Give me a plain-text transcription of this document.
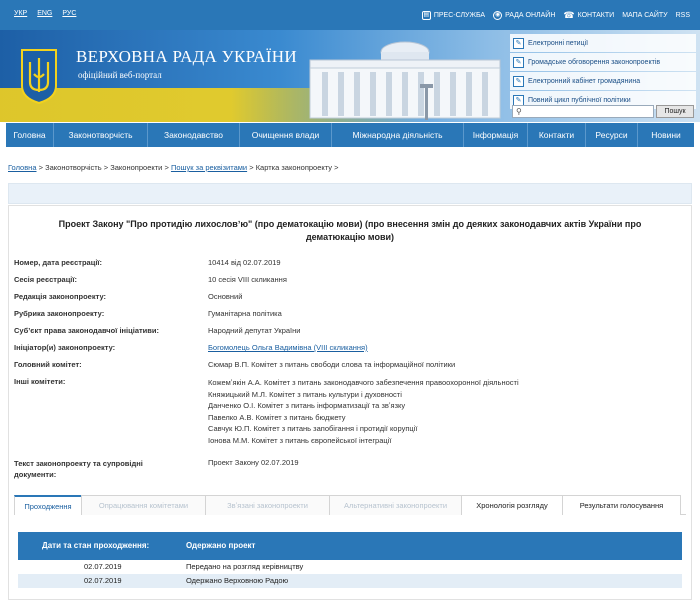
УКР ENG РУС	▤ ПРЕС-СЛУЖБА	◉ РАДА ОНЛАЙН ☎ КОНТАКТИ МАПА САЙТУ RSS
ВЕРХОВНА РАДА УКРАЇНИ
офіційний веб-портал
✎ Електронні петиції
✎ Громадське обговорення законопроектів
✎ Електронний кабінет громадянина
✎ Повний цикл публічної політики
⚲	Пошук
Головна	Законотворчість	Законодавство	Очищення влади	Міжнародна діяльність	Інформація	Контакти	Ресурси	Новини
Головна > Законотворчість > Законопроекти > Пошук за реквізитами > Картка законопроекту >
Проект Закону "Про протидію лихословʼю" (про дематокацію мови) (про внесення змін до деяких законодавчих актів України про дематюкацію мови)
Номер, дата реєстрації:	10414 від 02.07.2019
Сесія реєстрації:	10 сесія VIII скликання
Редакція законопроекту:	Основний
Рубрика законопроекту:	Гуманітарна політика
Субʼєкт права законодавчої ініціативи:	Народний депутат України
Ініціатор(и) законопроекту:	Богомолець Ольга Вадимівна (VIII скликання)
Головний комітет:	Сюмар В.П. Комітет з питань свободи слова та інформаційної політики
Інші комітети:	Кожемʼякін А.А. Комітет з питань законодавчого забезпечення правоохоронної діяльності
Княжицький М.Л. Комітет з питань культури і духовності
Данченко О.І. Комітет з питань інформатизації та звʼязку
Павелко А.В. Комітет з питань бюджету
Савчук Ю.П. Комітет з питань запобігання і протидії корупції
Іонова М.М. Комітет з питань європейської інтеграції
Текст законопроекту та супровідні документи:
Проект Закону 02.07.2019
Проходження	Опрацювання комітетами	Звʼязані законопроекти	Альтернативні законопроекти	Хронологія розгляду	Результати голосування
Дати та стан проходження:	Одержано проект
02.07.2019	Передано на розгляд керівництву
02.07.2019	Одержано Верховною Радою
